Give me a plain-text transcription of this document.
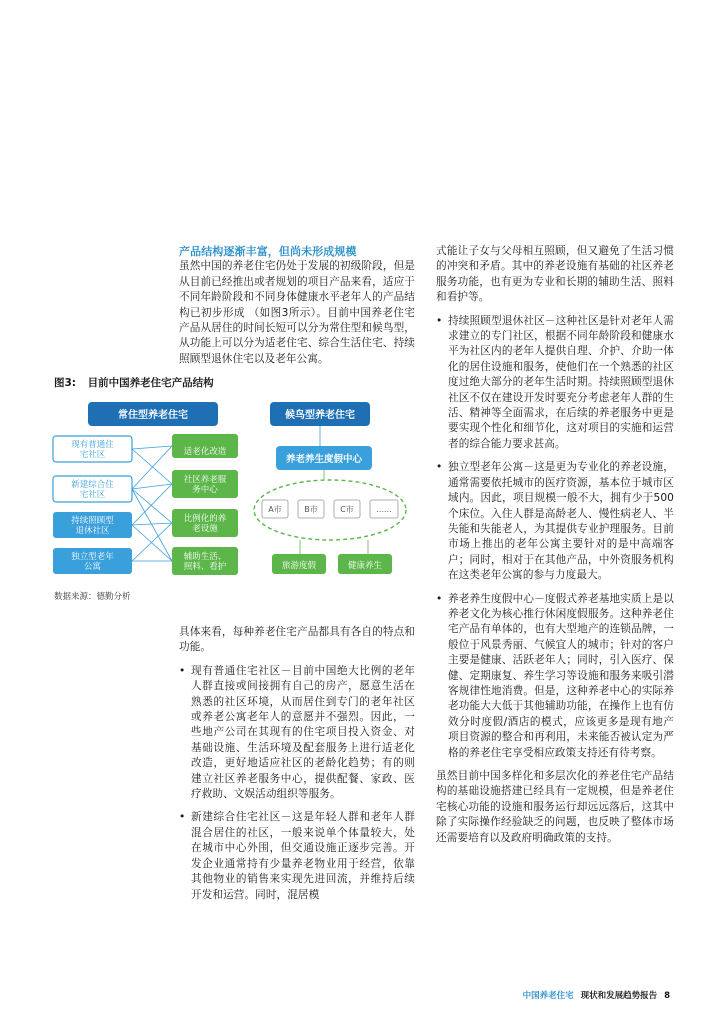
产品结构逐渐丰富，但尚未形成规模

虽然中国的养老住宅仍处于发展的初级阶段，但是从目前已经推出或者规划的项目产品来看，适应于不同年龄阶段和不同身体健康水平老年人的产品结构已初步形成 （如图3所示）。目前中国养老住宅产品从居住的时间长短可以分为常住型和候鸟型，从功能上可以分为适老住宅、综合生活住宅、持续照顾型退休住宅以及老年公寓。

图3: 目前中国养老住宅产品结构
常住型养老住宅	候鸟型养老住宅
现有普通住宅社区
新建综合住宅社区
持续照顾型退休社区
独立型老年公寓
适老化改造
社区养老服务中心
比例化的养老设施
辅助生活、照料、看护
养老养生度假中心
A市	B市	C市	......
旅游度假	健康养生
数据来源：德勤分析

具体来看，每种养老住宅产品都具有各自的特点和功能。

• 现有普通住宅社区－目前中国绝大比例的老年人群直接或间接拥有自己的房产，愿意生活在熟悉的社区环境，从而居住到专门的老年社区或养老公寓老年人的意愿并不强烈。因此，一些地产公司在其现有的住宅项目投入资金、对基础设施、生活环境及配套服务上进行适老化改造，更好地适应社区的老龄化趋势；有的则建立社区养老服务中心，提供配餐、家政、医疗救助、文娱活动组织等服务。
• 新建综合住宅社区－这是年轻人群和老年人群混合居住的社区，一般来说单个体量较大，处在城市中心外围，但交通设施正逐步完善。开发企业通常持有少量养老物业用于经营，依靠其他物业的销售来实现先进回流，并维持后续开发和运营。同时，混居模

式能让子女与父母相互照顾，但又避免了生活习惯的冲突和矛盾。其中的养老设施有基础的社区养老服务功能，也有更为专业和长期的辅助生活、照料和看护等。

• 持续照顾型退休社区－这种社区是针对老年人需求建立的专门社区，根据不同年龄阶段和健康水平为社区内的老年人提供自理、介护、介助一体化的居住设施和服务，使他们在一个熟悉的社区度过绝大部分的老年生活时期。持续照顾型退休社区不仅在建设开发时要充分考虑老年人群的生活、精神等全面需求，在后续的养老服务中更是要实现个性化和细节化，这对项目的实施和运营者的综合能力要求甚高。
• 独立型老年公寓－这是更为专业化的养老设施，通常需要依托城市的医疗资源，基本位于城市区域内。因此，项目规模一般不大，拥有少于500个床位。入住人群是高龄老人、慢性病老人、半失能和失能老人，为其提供专业护理服务。目前市场上推出的老年公寓主要针对的是中高端客户；同时，相对于在其他产品，中外资服务机构在这类老年公寓的参与力度最大。
• 养老养生度假中心－度假式养老基地实质上是以养老文化为核心推行休闲度假服务。这种养老住宅产品有单体的，也有大型地产的连锁品牌，一般位于风景秀丽、气候宜人的城市；针对的客户主要是健康、活跃老年人；同时，引入医疗、保健、定期康复、养生学习等设施和服务来吸引潜客规律性地消费。但是，这种养老中心的实际养老功能大大低于其他辅助功能，在操作上也有仿效分时度假/酒店的模式，应该更多是现有地产项目资源的整合和再利用，未来能否被认定为严格的养老住宅享受相应政策支持还有待考察。

虽然目前中国多样化和多层次化的养老住宅产品结构的基础设施搭建已经具有一定规模，但是养老住宅核心功能的设施和服务运行却远远落后，这其中除了实际操作经验缺乏的问题，也反映了整体市场还需要培育以及政府明确政策的支持。

中国养老住宅 现状和发展趋势报告 8
